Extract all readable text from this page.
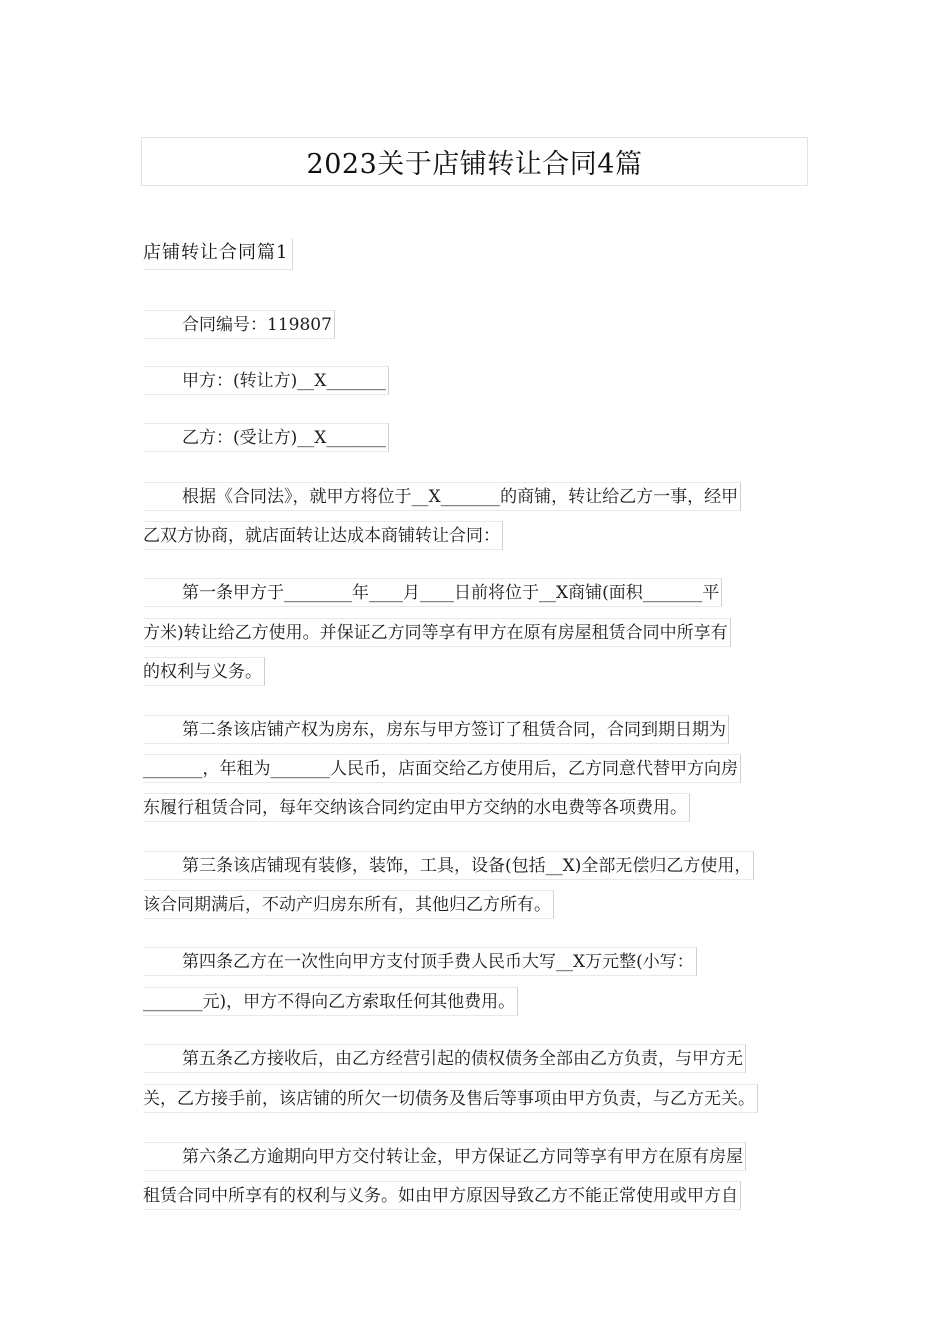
2023关于店铺转让合同4篇
店铺转让合同篇1
合同编号：119807
甲方：(转让方)__X_______
乙方：(受让方)__X_______
根据《合同法》，就甲方将位于__X_______的商铺，转让给乙方一事，经甲
乙双方协商，就店面转让达成本商铺转让合同：
第一条甲方于________年____月____日前将位于__X商铺(面积_______平
方米)转让给乙方使用。并保证乙方同等享有甲方在原有房屋租赁合同中所享有
的权利与义务。
第二条该店铺产权为房东，房东与甲方签订了租赁合同，合同到期日期为
_______，年租为_______人民币，店面交给乙方使用后，乙方同意代替甲方向房
东履行租赁合同，每年交纳该合同约定由甲方交纳的水电费等各项费用。
第三条该店铺现有装修，装饰，工具，设备(包括__X)全部无偿归乙方使用，
该合同期满后，不动产归房东所有，其他归乙方所有。
第四条乙方在一次性向甲方支付顶手费人民币大写__X万元整(小写：
_______元)，甲方不得向乙方索取任何其他费用。
第五条乙方接收后，由乙方经营引起的债权债务全部由乙方负责，与甲方无
关，乙方接手前，该店铺的所欠一切债务及售后等事项由甲方负责，与乙方无关。
第六条乙方逾期向甲方交付转让金，甲方保证乙方同等享有甲方在原有房屋
租赁合同中所享有的权利与义务。如由甲方原因导致乙方不能正常使用或甲方自
